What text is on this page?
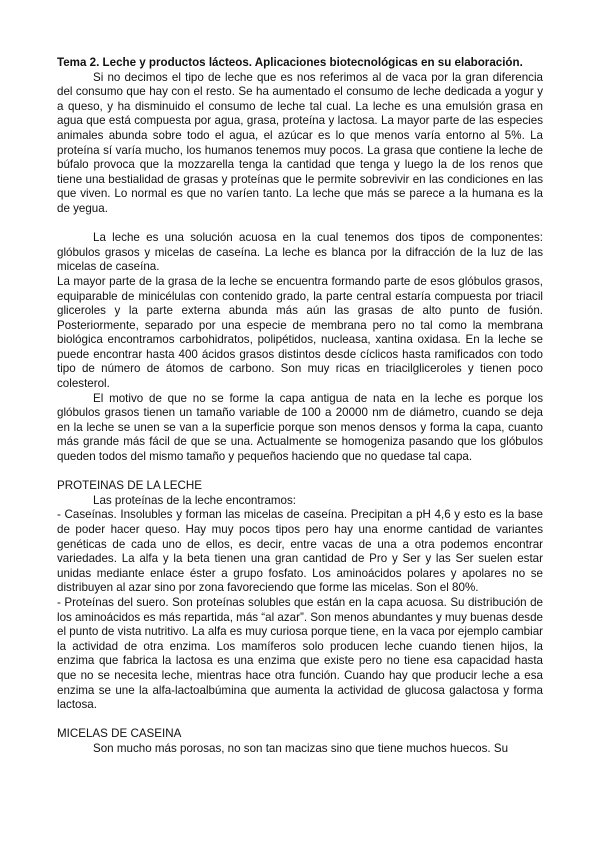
Tema 2. Leche y productos lácteos. Aplicaciones biotecnológicas en su elaboración.

Si no decimos el tipo de leche que es nos referimos al de vaca por la gran diferencia del consumo que hay con el resto. Se ha aumentado el consumo de leche dedicada a yogur y a queso, y ha disminuido el consumo de leche tal cual. La leche es una emulsión grasa en agua que está compuesta por agua, grasa, proteína y lactosa. La mayor parte de las especies animales abunda sobre todo el agua, el azúcar es lo que menos varía entorno al 5%. La proteína sí varía mucho, los humanos tenemos muy pocos. La grasa que contiene la leche de búfalo provoca que la mozzarella tenga la cantidad que tenga y luego la de los renos que tiene una bestialidad de grasas y proteínas que le permite sobrevivir en las condiciones en las que viven. Lo normal es que no varíen tanto. La leche que más se parece a la humana es la de yegua.

La leche es una solución acuosa en la cual tenemos dos tipos de componentes: glóbulos grasos y micelas de caseína. La leche es blanca por la difracción de la luz de las micelas de caseína.

La mayor parte de la grasa de la leche se encuentra formando parte de esos glóbulos grasos, equiparable de minicélulas con contenido grado, la parte central estaría compuesta por triacil gliceroles y la parte externa abunda más aún las grasas de alto punto de fusión. Posteriormente, separado por una especie de membrana pero no tal como la membrana biológica encontramos carbohidratos, polipétidos, nucleasa, xantina oxidasa. En la leche se puede encontrar hasta 400 ácidos grasos distintos desde cíclicos hasta ramificados con todo tipo de número de átomos de carbono. Son muy ricas en triacilgliceroles y tienen poco colesterol.

El motivo de que no se forme la capa antigua de nata en la leche es porque los glóbulos grasos tienen un tamaño variable de 100 a 20000 nm de diámetro, cuando se deja en la leche se unen se van a la superficie porque son menos densos y forma la capa, cuanto más grande más fácil de que se una. Actualmente se homogeniza pasando que los glóbulos queden todos del mismo tamaño y pequeños haciendo que no quedase tal capa.

PROTEINAS DE LA LECHE

Las proteínas de la leche encontramos:

- Caseínas. Insolubles y forman las micelas de caseína. Precipitan a pH 4,6 y esto es la base de poder hacer queso. Hay muy pocos tipos pero hay una enorme cantidad de variantes genéticas de cada uno de ellos, es decir, entre vacas de una a otra podemos encontrar variedades. La alfa y la beta tienen una gran cantidad de Pro y Ser y las Ser suelen estar unidas mediante enlace éster a grupo fosfato. Los aminoácidos polares y apolares no se distribuyen al azar sino por zona favoreciendo que forme las micelas. Son el 80%.

- Proteínas del suero. Son proteínas solubles que están en la capa acuosa. Su distribución de los aminoácidos es más repartida, más “al azar”. Son menos abundantes y muy buenas desde el punto de vista nutritivo. La alfa es muy curiosa porque tiene, en la vaca por ejemplo cambiar la actividad de otra enzima. Los mamíferos solo producen leche cuando tienen hijos, la enzima que fabrica la lactosa es una enzima que existe pero no tiene esa capacidad hasta que no se necesita leche, mientras hace otra función. Cuando hay que producir leche a esa enzima se une la alfa-lactoalbúmina que aumenta la actividad de glucosa galactosa y forma lactosa.

MICELAS DE CASEINA

Son mucho más porosas, no son tan macizas sino que tiene muchos huecos. Su
